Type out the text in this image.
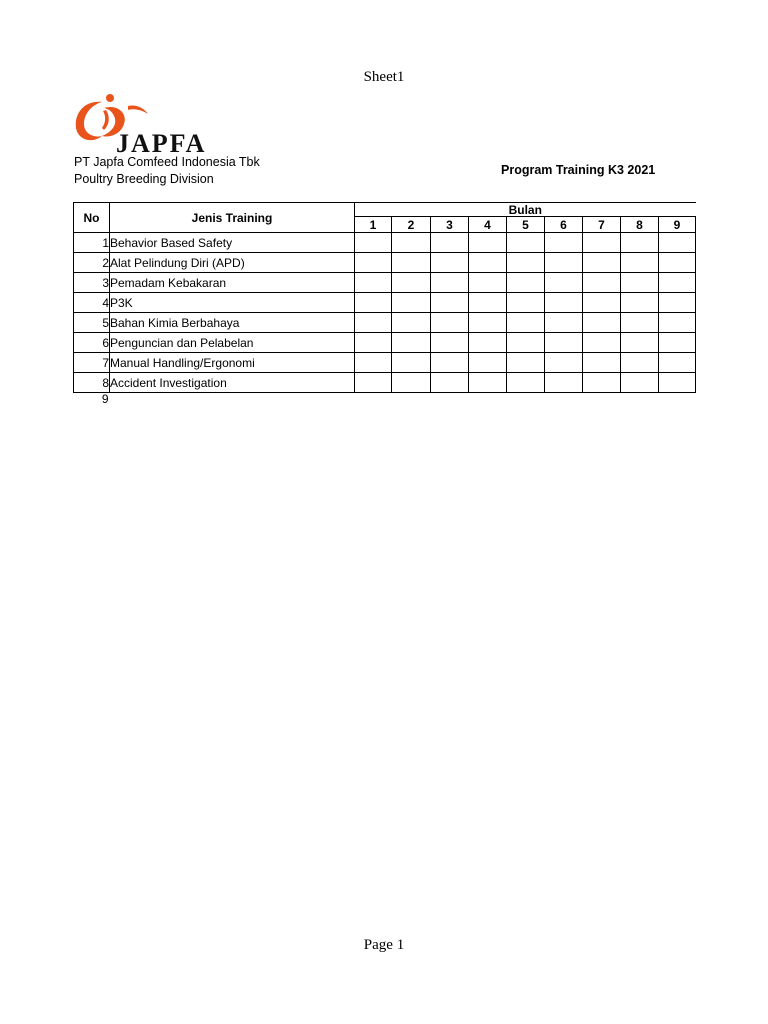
Sheet1
JAPFA
PT Japfa Comfeed Indonesia Tbk
Poultry Breeding Division
Program Training K3 2021
No	Jenis Training	Bulan								
		1	2	3	4	5	6	7	8	9
1	Behavior Based Safety									
2	Alat Pelindung Diri (APD)									
3	Pemadam Kebakaran									
4	P3K									
5	Bahan Kimia Berbahaya									
6	Penguncian dan Pelabelan									
7	Manual Handling/Ergonomi									
8	Accident Investigation									
9										
Page 1
